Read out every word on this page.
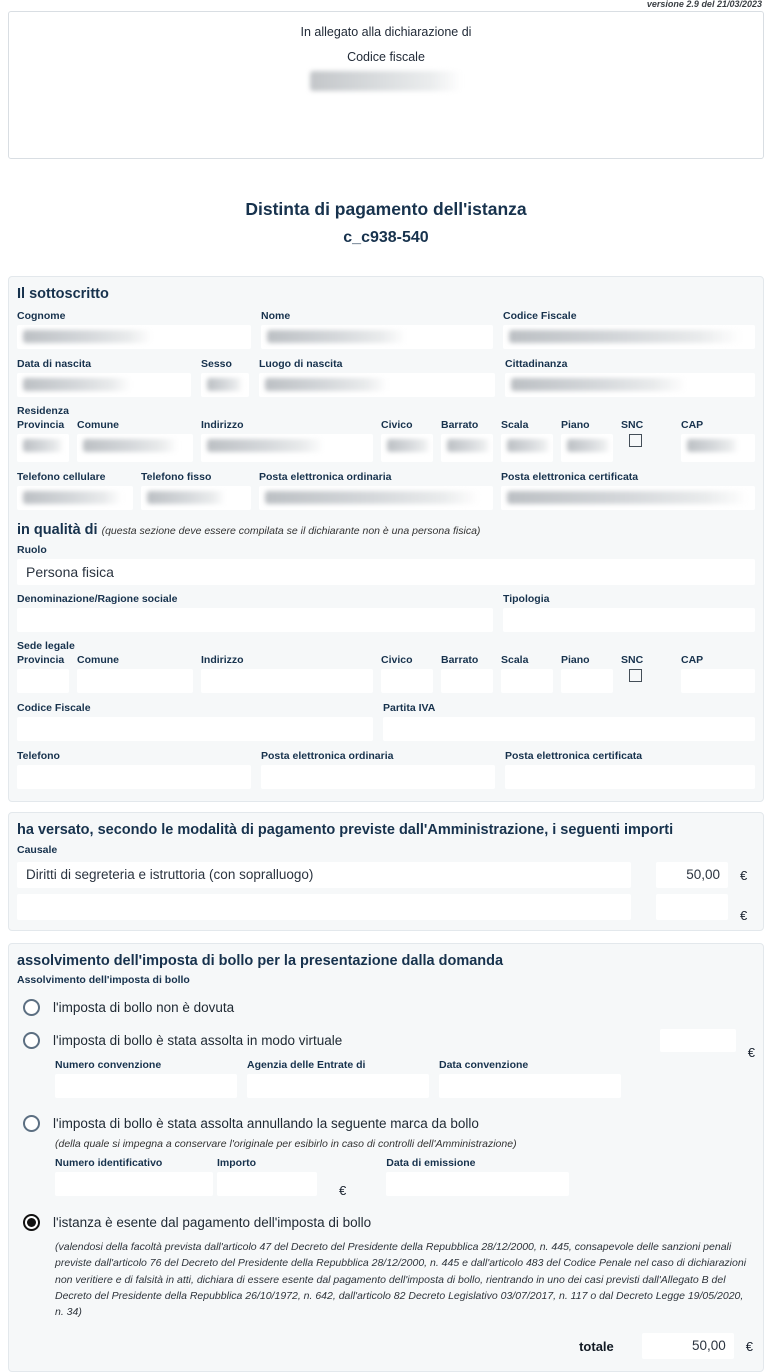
versione 2.9 del 21/03/2023
In allegato alla dichiarazione di
Codice fiscale
Distinta di pagamento dell'istanza
c_c938-540
Il sottoscritto
Cognome	Nome	Codice Fiscale
Data di nascita	Sesso	Luogo di nascita	Cittadinanza
Residenza
Provincia	Comune	Indirizzo	Civico	Barrato	Scala	Piano	SNC	CAP
Telefono cellulare	Telefono fisso	Posta elettronica ordinaria	Posta elettronica certificata
in qualità di (questa sezione deve essere compilata se il dichiarante non è una persona fisica)
Ruolo
Persona fisica
Denominazione/Ragione sociale	Tipologia
Sede legale
Provincia	Comune	Indirizzo	Civico	Barrato	Scala	Piano	SNC	CAP
Codice Fiscale	Partita IVA
Telefono	Posta elettronica ordinaria	Posta elettronica certificata
ha versato, secondo le modalità di pagamento previste dall'Amministrazione, i seguenti importi
Causale
Diritti di segreteria e istruttoria (con sopralluogo)	50,00	€
€
assolvimento dell'imposta di bollo per la presentazione dalla domanda
Assolvimento dell'imposta di bollo
l'imposta di bollo non è dovuta
l'imposta di bollo è stata assolta in modo virtuale
€
Numero convenzione	Agenzia delle Entrate di	Data convenzione
l'imposta di bollo è stata assolta annullando la seguente marca da bollo
(della quale si impegna a conservare l'originale per esibirlo in caso di controlli dell'Amministrazione)
Numero identificativo	Importo
€
Data di emissione
l'istanza è esente dal pagamento dell'imposta di bollo
(valendosi della facoltà prevista dall'articolo 47 del Decreto del Presidente della Repubblica 28/12/2000, n. 445, consapevole delle sanzioni penali previste dall'articolo 76 del Decreto del Presidente della Repubblica 28/12/2000, n. 445 e dall'articolo 483 del Codice Penale nel caso di dichiarazioni non veritiere e di falsità in atti, dichiara di essere esente dal pagamento dell'imposta di bollo, rientrando in uno dei casi previsti dall'Allegato B del Decreto del Presidente della Repubblica 26/10/1972, n. 642, dall'articolo 82 Decreto Legislativo 03/07/2017, n. 117 o dal Decreto Legge 19/05/2020, n. 34)
totale	50,00	€
